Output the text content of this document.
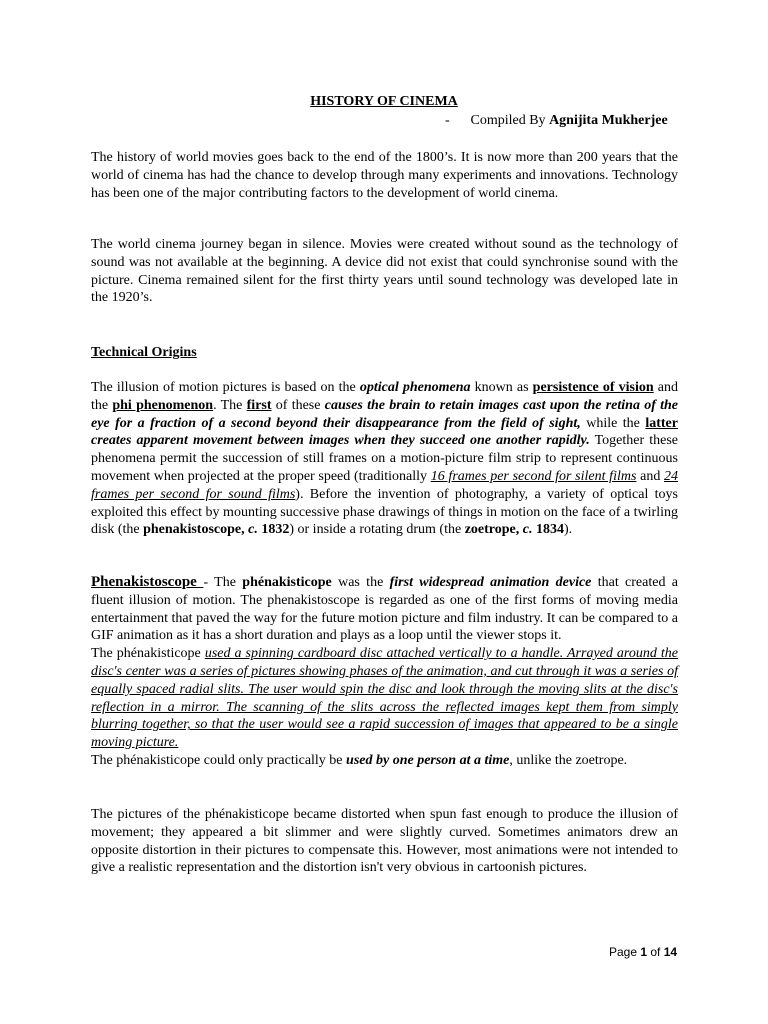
HISTORY OF CINEMA
- Compiled By Agnijita Mukherjee

The history of world movies goes back to the end of the 1800’s. It is now more than 200 years that the world of cinema has had the chance to develop through many experiments and innovations. Technology has been one of the major contributing factors to the development of world cinema.

The world cinema journey began in silence. Movies were created without sound as the technology of sound was not available at the beginning. A device did not exist that could synchronise sound with the picture. Cinema remained silent for the first thirty years until sound technology was developed late in the 1920’s.

Technical Origins

The illusion of motion pictures is based on the optical phenomena known as persistence of vision and the phi phenomenon. The first of these causes the brain to retain images cast upon the retina of the eye for a fraction of a second beyond their disappearance from the field of sight, while the latter creates apparent movement between images when they succeed one another rapidly. Together these phenomena permit the succession of still frames on a motion-picture film strip to represent continuous movement when projected at the proper speed (traditionally 16 frames per second for silent films and 24 frames per second for sound films). Before the invention of photography, a variety of optical toys exploited this effect by mounting successive phase drawings of things in motion on the face of a twirling disk (the phenakistoscope, c. 1832) or inside a rotating drum (the zoetrope, c. 1834).

Phenakistoscope - The phénakisticope was the first widespread animation device that created a fluent illusion of motion. The phenakistoscope is regarded as one of the first forms of moving media entertainment that paved the way for the future motion picture and film industry. It can be compared to a GIF animation as it has a short duration and plays as a loop until the viewer stops it.

The phénakisticope used a spinning cardboard disc attached vertically to a handle. Arrayed around the disc's center was a series of pictures showing phases of the animation, and cut through it was a series of equally spaced radial slits. The user would spin the disc and look through the moving slits at the disc's reflection in a mirror. The scanning of the slits across the reflected images kept them from simply blurring together, so that the user would see a rapid succession of images that appeared to be a single moving picture.

The phénakisticope could only practically be used by one person at a time, unlike the zoetrope.

The pictures of the phénakisticope became distorted when spun fast enough to produce the illusion of movement; they appeared a bit slimmer and were slightly curved. Sometimes animators drew an opposite distortion in their pictures to compensate this. However, most animations were not intended to give a realistic representation and the distortion isn't very obvious in cartoonish pictures.

Page 1 of 14
